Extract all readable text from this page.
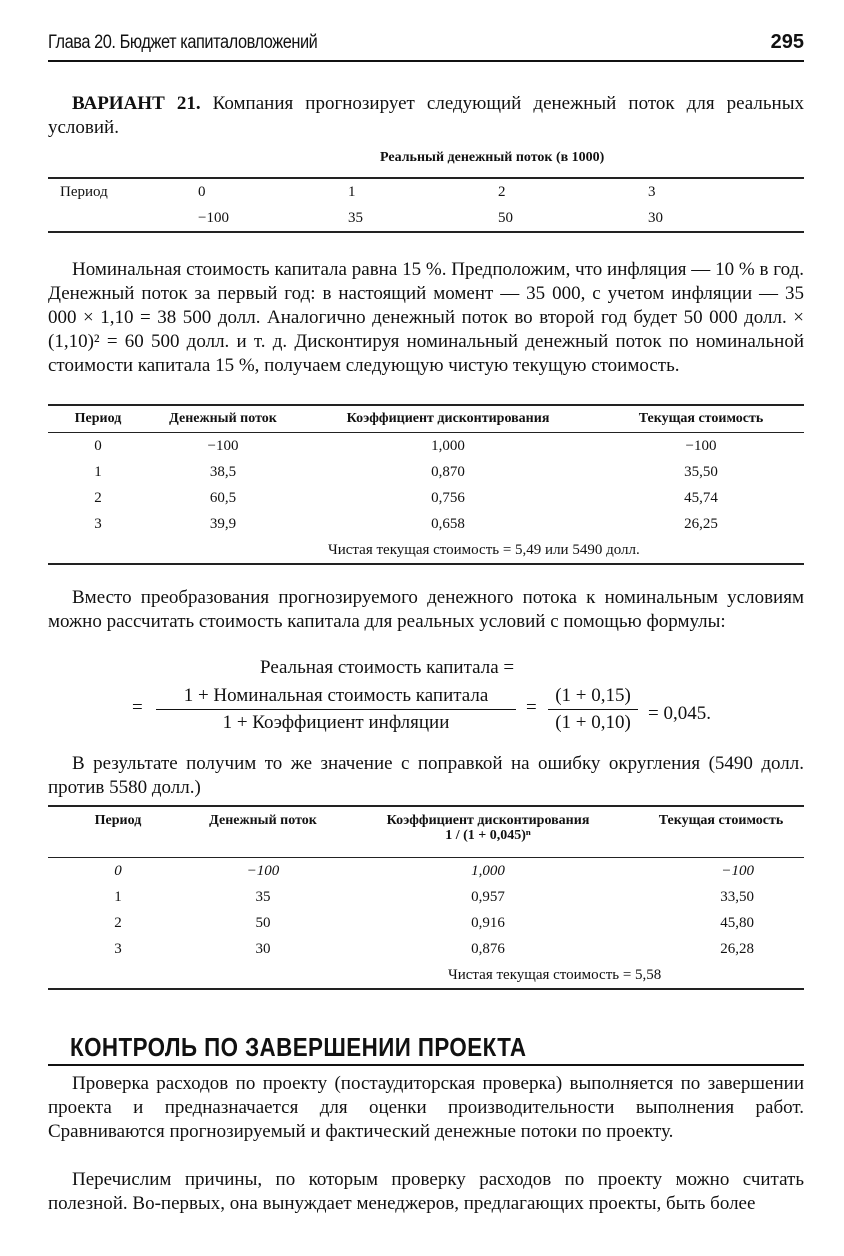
Глава 20. Бюджет капиталовложений	295

ВАРИАНТ 21. Компания прогнозирует следующий денежный поток для реальных условий.

Реальный денежный поток (в 1000)
Период	0	1	2	3
	−100	35	50	30

Номинальная стоимость капитала равна 15 %. Предположим, что инфляция — 10 % в год. Денежный поток за первый год: в настоящий момент — 35 000, с учетом инфляции — 35 000 × 1,10 = 38 500 долл. Аналогично денежный поток во второй год будет 50 000 долл. × (1,10)² = 60 500 долл. и т. д. Дисконтируя номинальный денежный поток по номинальной стоимости капитала 15 %, получаем следующую чистую текущую стоимость.

Период	Денежный поток	Коэффициент дисконтирования	Текущая стоимость
0	−100	1,000	−100
1	38,5	0,870	35,50
2	60,5	0,756	45,74
3	39,9	0,658	26,25
		Чистая текущая стоимость = 5,49 или 5490 долл.	

Вместо преобразования прогнозируемого денежного потока к номинальным условиям можно рассчитать стоимость капитала для реальных условий с помощью формулы:

Реальная стоимость капитала =
=
1 + Номинальная стоимость капитала
1 + Коэффициент инфляции
= $\frac{(1 + 0,15)}{(1 + 0,10)} = 0,045$.

В результате получим то же значение с поправкой на ошибку округления (5490 долл. против 5580 долл.)

Период	Денежный поток	Коэффициент дисконтирования
1 / (1 + 0,045)ⁿ	Текущая стоимость
0	−100	1,000	−100
1	35	0,957	33,50
2	50	0,916	45,80
3	30	0,876	26,28
		Чистая текущая стоимость = 5,58	
КОНТРОЛЬ ПО ЗАВЕРШЕНИИ ПРОЕКТА

Проверка расходов по проекту (постаудиторская проверка) выполняется по завершении проекта и предназначается для оценки производительности выполнения работ. Сравниваются прогнозируемый и фактический денежные потоки по проекту.

Перечислим причины, по которым проверку расходов по проекту можно считать полезной. Во-первых, она вынуждает менеджеров, предлагающих проекты, быть более
